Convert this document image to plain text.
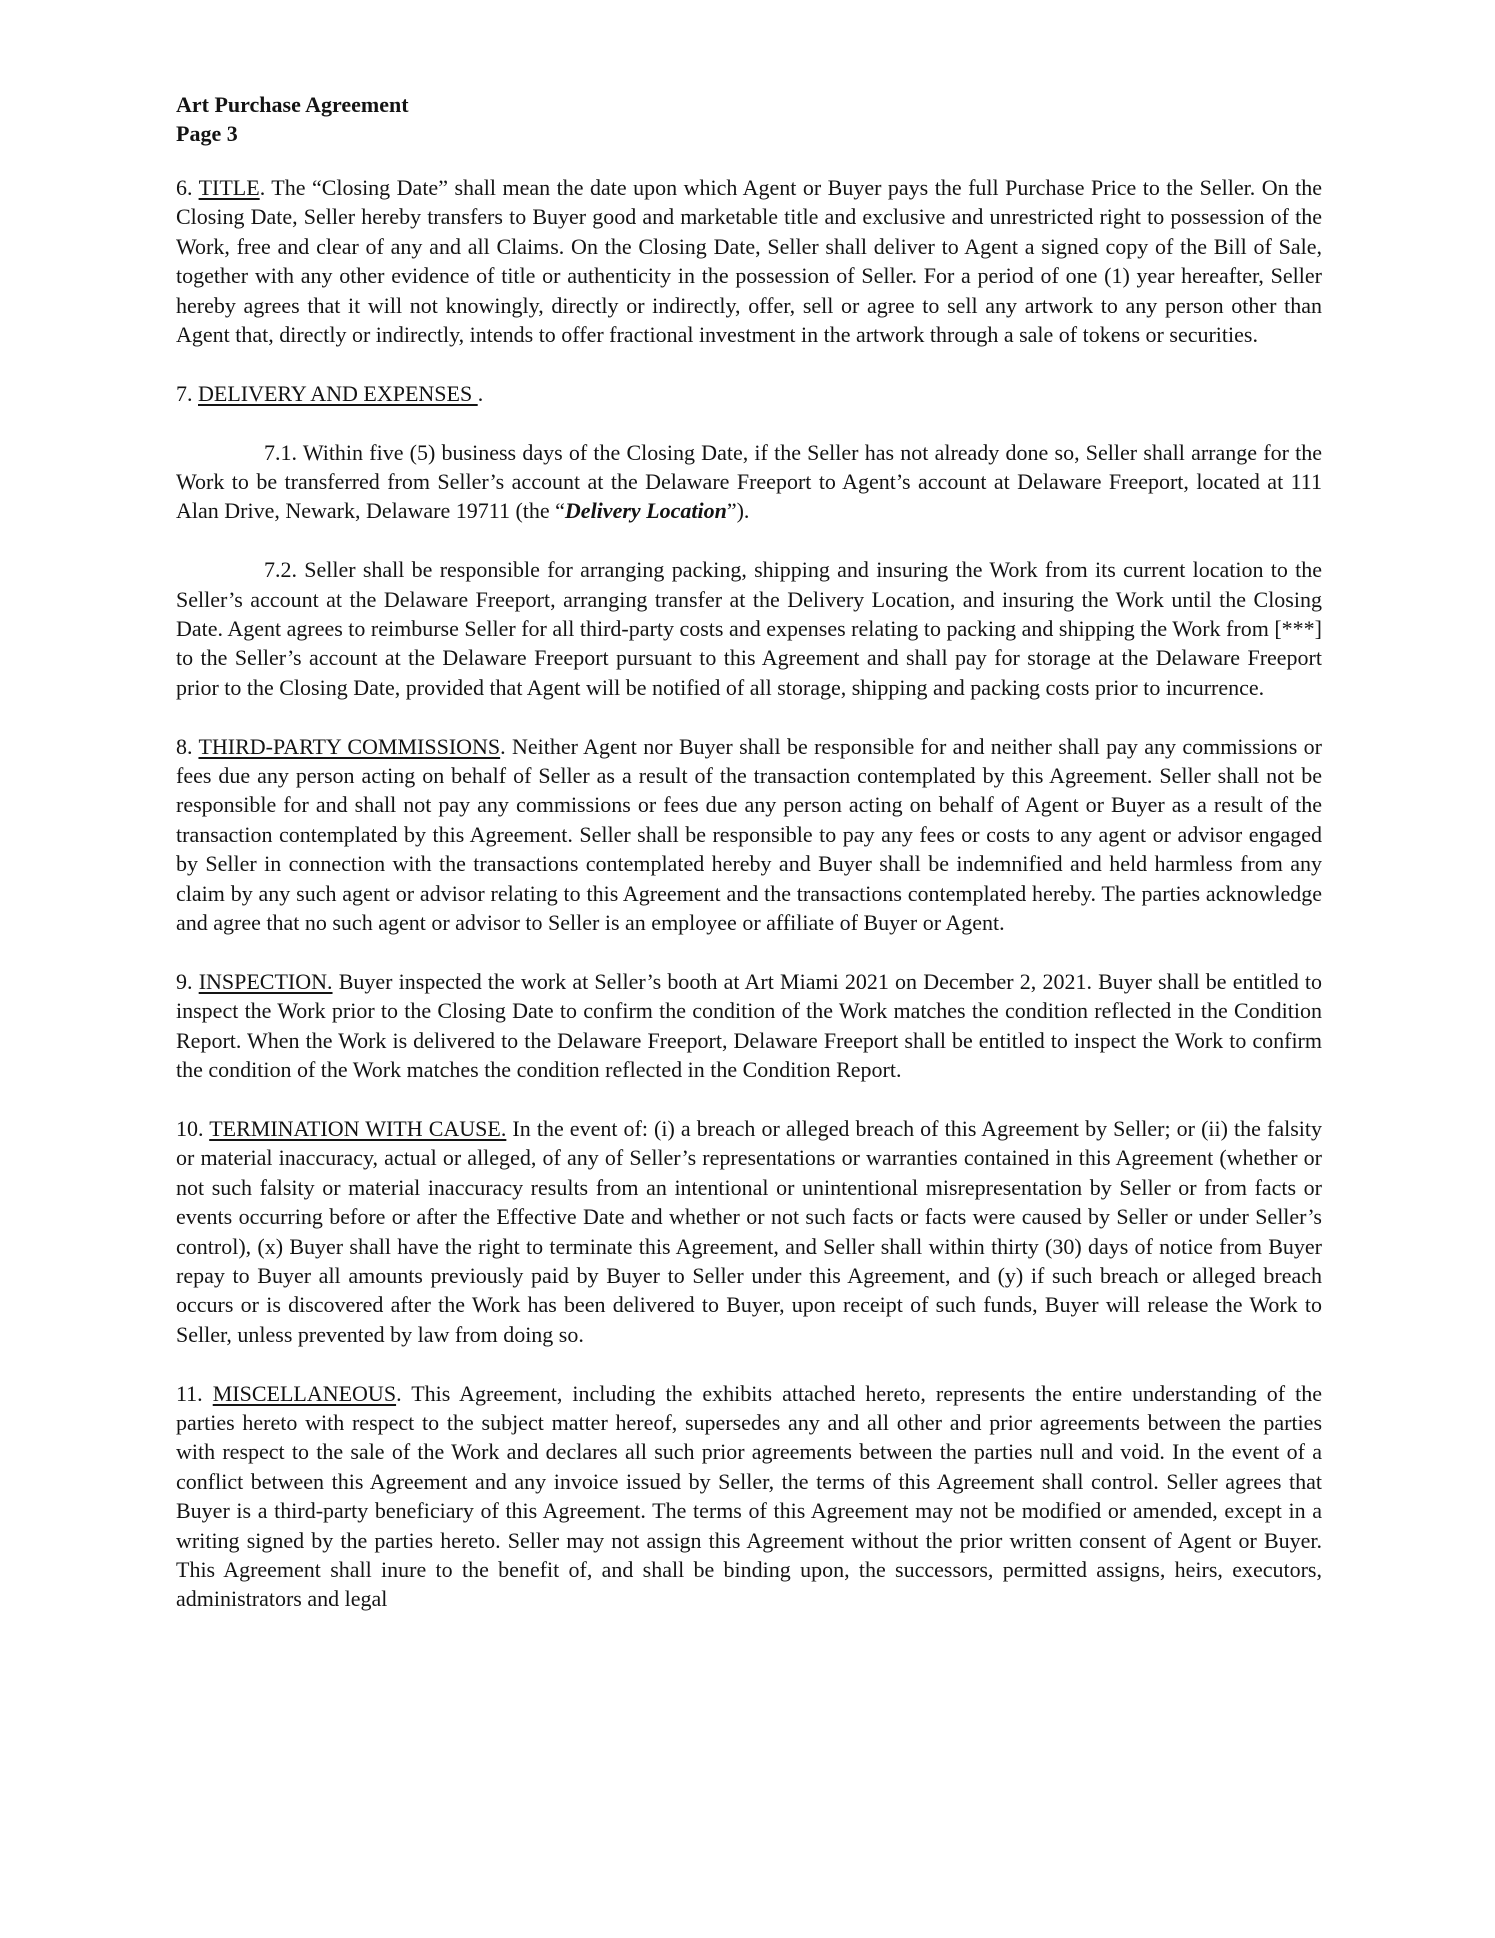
Art Purchase Agreement
Page 3

6. TITLE. The “Closing Date” shall mean the date upon which Agent or Buyer pays the full Purchase Price to the Seller. On the Closing Date, Seller hereby transfers to Buyer good and marketable title and exclusive and unrestricted right to possession of the Work, free and clear of any and all Claims. On the Closing Date, Seller shall deliver to Agent a signed copy of the Bill of Sale, together with any other evidence of title or authenticity in the possession of Seller. For a period of one (1) year hereafter, Seller hereby agrees that it will not knowingly, directly or indirectly, offer, sell or agree to sell any artwork to any person other than Agent that, directly or indirectly, intends to offer fractional investment in the artwork through a sale of tokens or securities.

7. DELIVERY AND EXPENSES .

7.1. Within five (5) business days of the Closing Date, if the Seller has not already done so, Seller shall arrange for the Work to be transferred from Seller’s account at the Delaware Freeport to Agent’s account at Delaware Freeport, located at 111 Alan Drive, Newark, Delaware 19711 (the “Delivery Location”).

7.2. Seller shall be responsible for arranging packing, shipping and insuring the Work from its current location to the Seller’s account at the Delaware Freeport, arranging transfer at the Delivery Location, and insuring the Work until the Closing Date. Agent agrees to reimburse Seller for all third-party costs and expenses relating to packing and shipping the Work from [***] to the Seller’s account at the Delaware Freeport pursuant to this Agreement and shall pay for storage at the Delaware Freeport prior to the Closing Date, provided that Agent will be notified of all storage, shipping and packing costs prior to incurrence.

8. THIRD-PARTY COMMISSIONS. Neither Agent nor Buyer shall be responsible for and neither shall pay any commissions or fees due any person acting on behalf of Seller as a result of the transaction contemplated by this Agreement. Seller shall not be responsible for and shall not pay any commissions or fees due any person acting on behalf of Agent or Buyer as a result of the transaction contemplated by this Agreement. Seller shall be responsible to pay any fees or costs to any agent or advisor engaged by Seller in connection with the transactions contemplated hereby and Buyer shall be indemnified and held harmless from any claim by any such agent or advisor relating to this Agreement and the transactions contemplated hereby. The parties acknowledge and agree that no such agent or advisor to Seller is an employee or affiliate of Buyer or Agent.

9. INSPECTION. Buyer inspected the work at Seller’s booth at Art Miami 2021 on December 2, 2021. Buyer shall be entitled to inspect the Work prior to the Closing Date to confirm the condition of the Work matches the condition reflected in the Condition Report. When the Work is delivered to the Delaware Freeport, Delaware Freeport shall be entitled to inspect the Work to confirm the condition of the Work matches the condition reflected in the Condition Report.

10. TERMINATION WITH CAUSE. In the event of: (i) a breach or alleged breach of this Agreement by Seller; or (ii) the falsity or material inaccuracy, actual or alleged, of any of Seller’s representations or warranties contained in this Agreement (whether or not such falsity or material inaccuracy results from an intentional or unintentional misrepresentation by Seller or from facts or events occurring before or after the Effective Date and whether or not such facts or facts were caused by Seller or under Seller’s control), (x) Buyer shall have the right to terminate this Agreement, and Seller shall within thirty (30) days of notice from Buyer repay to Buyer all amounts previously paid by Buyer to Seller under this Agreement, and (y) if such breach or alleged breach occurs or is discovered after the Work has been delivered to Buyer, upon receipt of such funds, Buyer will release the Work to Seller, unless prevented by law from doing so.

11. MISCELLANEOUS. This Agreement, including the exhibits attached hereto, represents the entire understanding of the parties hereto with respect to the subject matter hereof, supersedes any and all other and prior agreements between the parties with respect to the sale of the Work and declares all such prior agreements between the parties null and void. In the event of a conflict between this Agreement and any invoice issued by Seller, the terms of this Agreement shall control. Seller agrees that Buyer is a third-party beneficiary of this Agreement. The terms of this Agreement may not be modified or amended, except in a writing signed by the parties hereto. Seller may not assign this Agreement without the prior written consent of Agent or Buyer. This Agreement shall inure to the benefit of, and shall be binding upon, the successors, permitted assigns, heirs, executors, administrators and legal
